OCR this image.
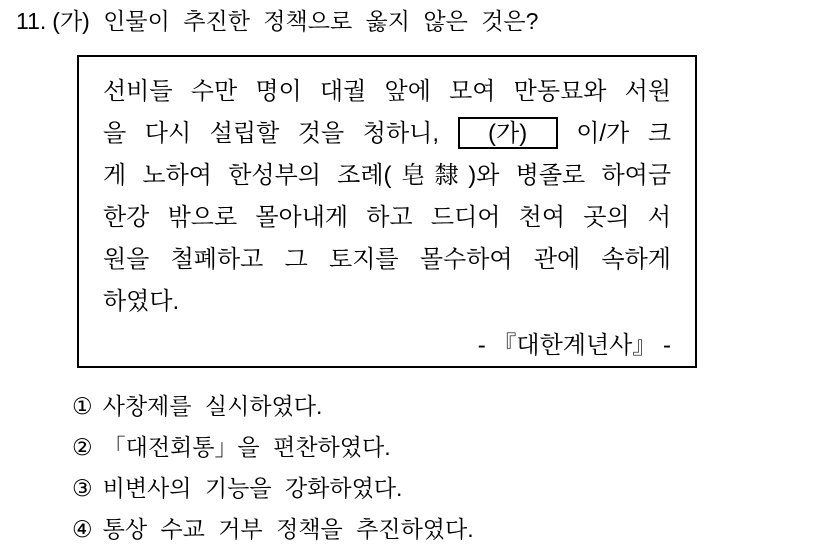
11. (가) 인물이 추진한 정책으로 옳지 않은 것은?
선비들 수만 명이 대궐 앞에 모여 만동묘와 서원
을 다시 설립할 것을 청하니, (가) 이/가 크
게 노하여 한성부의 조례(皂隸)와 병졸로 하여금
한강 밖으로 몰아내게 하고 드디어 천여 곳의 서
원을 철폐하고 그 토지를 몰수하여 관에 속하게
하였다.
- 『대한계년사』 -
① 사창제를 실시하였다.
② 「대전회통」을 편찬하였다.
③ 비변사의 기능을 강화하였다.
④ 통상 수교 거부 정책을 추진하였다.
